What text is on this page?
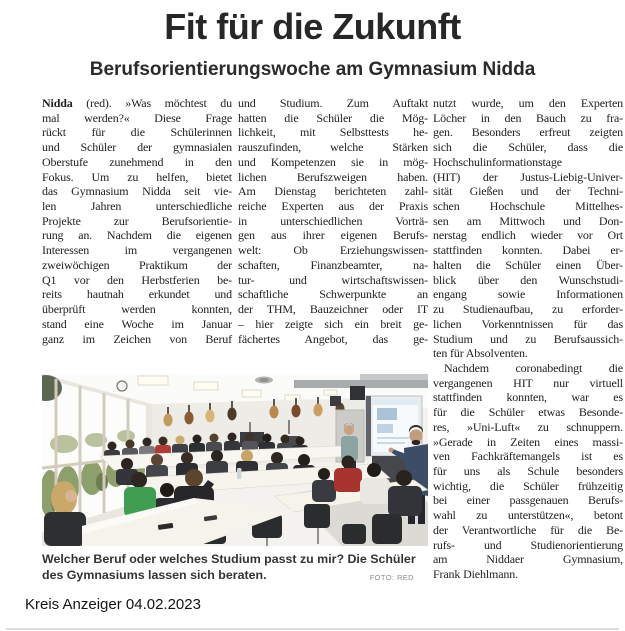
Fit für die Zukunft
Berufsorientierungswoche am Gymnasium Nidda
Nidda (red). »Was möchtest du
mal werden?« Diese Frage
rückt für die Schülerinnen
und Schüler der gymnasialen
Oberstufe zunehmend in den
Fokus. Um zu helfen, bietet
das Gymnasium Nidda seit vie-
len Jahren unterschiedliche
Projekte zur Berufsorientie-
rung an. Nachdem die eigenen
Interessen im vergangenen
zweiwöchigen Praktikum der
Q1 vor den Herbstferien be-
reits hautnah erkundet und
überprüft werden konnten,
stand eine Woche im Januar
ganz im Zeichen von Beruf
und Studium. Zum Auftakt
hatten die Schüler die Mög-
lichkeit, mit Selbsttests he-
rauszufinden, welche Stärken
und Kompetenzen sie in mög-
lichen Berufszweigen haben.
Am Dienstag berichteten zahl-
reiche Experten aus der Praxis
in unterschiedlichen Vorträ-
gen aus ihrer eigenen Berufs-
welt: Ob Erziehungswissen-
schaften, Finanzbeamter, na-
tur- und wirtschaftswissen-
schaftliche Schwerpunkte an
der THM, Bauzeichner oder IT
– hier zeigte sich ein breit ge-
fächertes Angebot, das ge-
nutzt wurde, um den Experten
Löcher in den Bauch zu fra-
gen. Besonders erfreut zeigten
sich die Schüler, dass die
Hochschulinformationstage
(HIT) der Justus-Liebig-Univer-
sität Gießen und der Techni-
schen Hochschule Mittelhes-
sen am Mittwoch und Don-
nerstag endlich wieder vor Ort
stattfinden konnten. Dabei er-
halten die Schüler einen Über-
blick über den Wunschstudi-
engang sowie Informationen
zu Studienaufbau, zu erforder-
lichen Vorkenntnissen für das
Studium und zu Berufsaussich-
ten für Absolventen.
Nachdem coronabedingt die
vergangenen HIT nur virtuell
stattfinden konnten, war es
für die Schüler etwas Besonde-
res, »Uni-Luft« zu schnuppern.
»Gerade in Zeiten eines massi-
ven Fachkräftemangels ist es
für uns als Schule besonders
wichtig, die Schüler frühzeitig
bei einer passgenauen Berufs-
wahl zu unterstützen«, betont
der Verantwortliche für die Be-
rufs- und Studienorientierung
am Niddaer Gymnasium,
Frank Diehlmann.
Welcher Beruf oder welches Studium passt zu mir? Die Schüler
des Gymnasiums lassen sich beraten.	FOTO: RED
Kreis Anzeiger 04.02.2023
